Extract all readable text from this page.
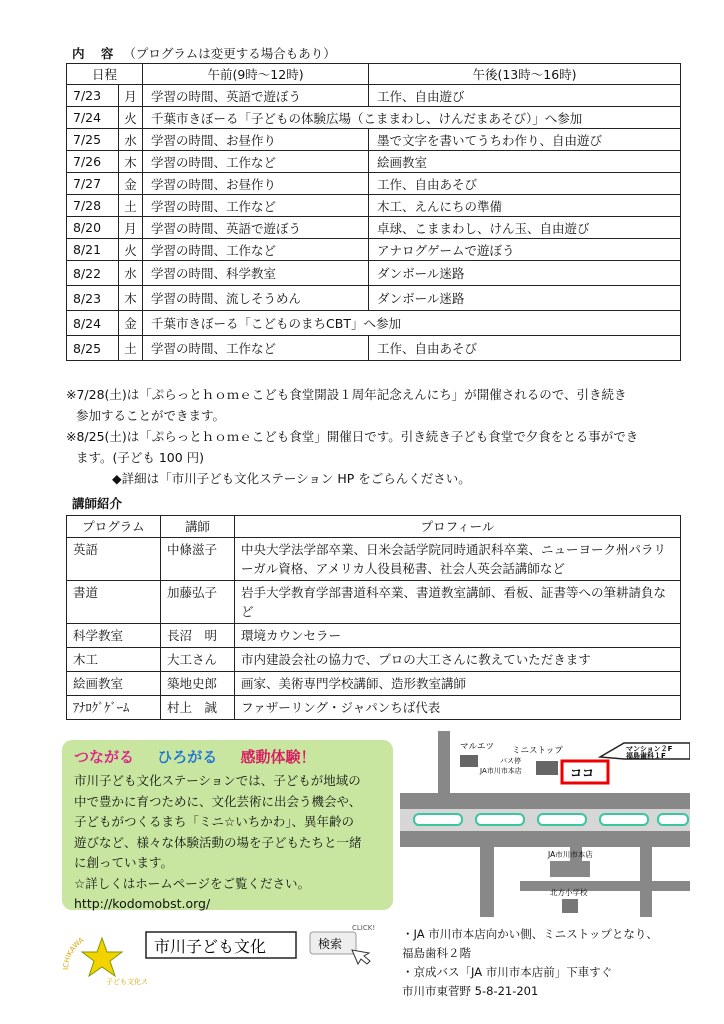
内 容 （プログラムは変更する場合もあり）
日程		午前(9時～12時)	午後(13時～16時)
7/23	月	学習の時間、英語で遊ぼう	工作、自由遊び
7/24	火	千葉市きぼーる「子どもの体験広場（こままわし、けんだまあそび）」へ参加	
7/25	水	学習の時間、お昼作り	墨で文字を書いてうちわ作り、自由遊び
7/26	木	学習の時間、工作など	絵画教室
7/27	金	学習の時間、お昼作り	工作、自由あそび
7/28	土	学習の時間、工作など	木工、えんにちの準備
8/20	月	学習の時間、英語で遊ぼう	卓球、こままわし、けん玉、自由遊び
8/21	火	学習の時間、工作など	アナログゲームで遊ぼう
8/22	水	学習の時間、科学教室	ダンボール迷路
8/23	木	学習の時間、流しそうめん	ダンボール迷路
8/24	金	千葉市きぼーる「こどものまちCBT」へ参加	
8/25	土	学習の時間、工作など	工作、自由あそび

※7/28(土)は「ぷらっとｈｏｍｅこども食堂開設１周年記念えんにち」が開催されるので、引き続き

参加することができます。

※8/25(土)は「ぷらっとｈｏｍｅこども食堂」開催日です。引き続き子ども食堂で夕食をとる事ができ

ます。(子ども 100 円)

◆詳細は「市川子ども文化ステーション HP をごらんください。

講師紹介
プログラム	講師	プロフィール
英語	中條滋子	中央大学法学部卒業、日米会話学院同時通訳科卒業、ニューヨーク州パラリーガル資格、アメリカ人役員秘書、社会人英会話講師など
書道	加藤弘子	岩手大学教育学部書道科卒業、書道教室講師、看板、証書等への筆耕請負など
科学教室	長沼　明	環境カウンセラー
木工	大工さん	市内建設会社の協力で、プロの大工さんに教えていただきます
絵画教室	築地史郎	画家、美術専門学校講師、造形教室講師
ｱﾅﾛｸﾞｹﾞｰﾑ	村上　誠	ファザーリング・ジャパンちば代表
つながる ひろがる 感動体験！

市川子ども文化ステーションでは、子どもが地域の

中で豊かに育つために、文化芸術に出会う機会や、

子どもがつくるまち「ミニ☆いちかわ」、異年齢の

遊びなど、様々な体験活動の場を子どもたちと一緒

に創っています。

☆詳しくはホームページをご覧ください。

http://kodomobst.org/

マルエツ ミニストップ
バス停
JA市川市本店
マンション２F
福島歯科１F
ココ
JA市川市本店
北方小学校
ICHIKAWA
子ども文化ス
市川子ども文化	検索
CLICK! ・JA 市川市本店向かい側、ミニストップとなり、

福島歯科２階

・京成バス「JA 市川市本店前」下車すぐ

市川市東菅野 5-8-21-201
